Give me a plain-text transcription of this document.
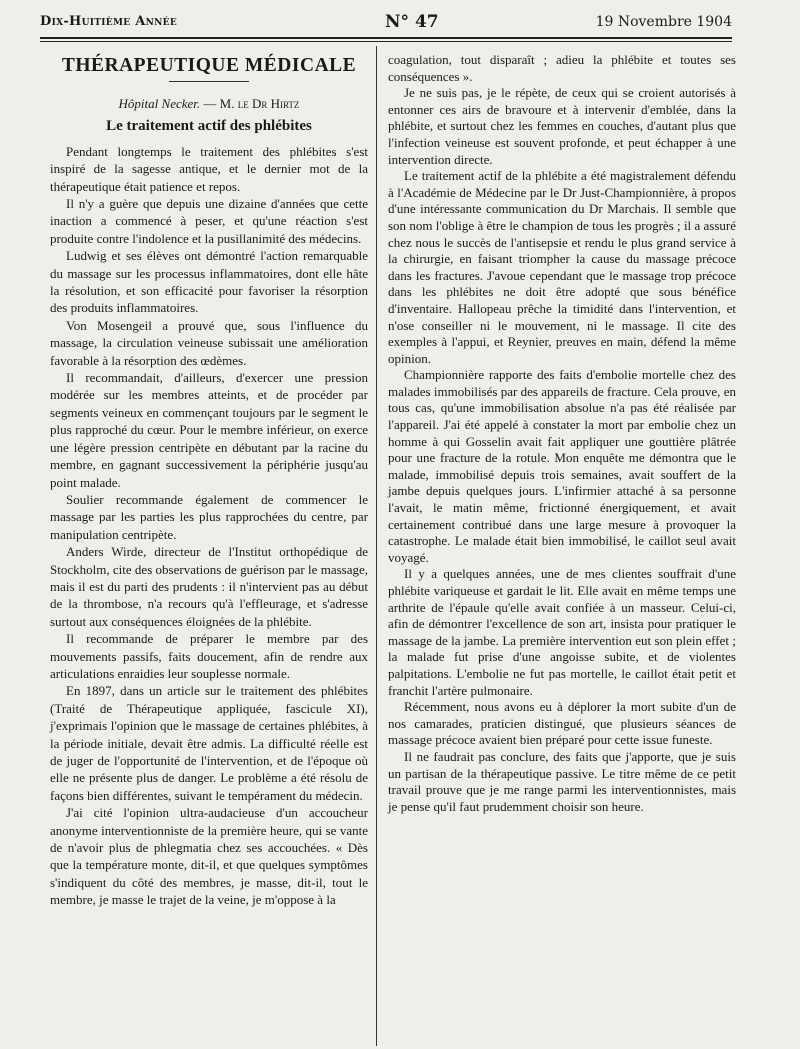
Dix-Huitième Année	N° 47	19 Novembre 1904
THÉRAPEUTIQUE MÉDICALE
Hôpital Necker. — M. le Dr Hirtz
Le traitement actif des phlébites

Pendant longtemps le traitement des phlébites s'est inspiré de la sagesse antique, et le dernier mot de la thérapeutique était patience et repos.

Il n'y a guère que depuis une dizaine d'années que cette inaction a commencé à peser, et qu'une réaction s'est produite contre l'indolence et la pusillanimité des médecins.

Ludwig et ses élèves ont démontré l'action remarquable du massage sur les processus inflammatoires, dont elle hâte la résolution, et son efficacité pour favoriser la résorption des produits inflammatoires.

Von Mosengeil a prouvé que, sous l'influence du massage, la circulation veineuse subissait une amélioration favorable à la résorption des œdèmes.

Il recommandait, d'ailleurs, d'exercer une pression modérée sur les membres atteints, et de procéder par segments veineux en commençant toujours par le segment le plus rapproché du cœur. Pour le membre inférieur, on exerce une légère pression centripète en débutant par la racine du membre, en gagnant successivement la périphérie jusqu'au point malade.

Soulier recommande également de commencer le massage par les parties les plus rapprochées du centre, par manipulation centripète.

Anders Wirde, directeur de l'Institut orthopédique de Stockholm, cite des observations de guérison par le massage, mais il est du parti des prudents : il n'intervient pas au début de la thrombose, n'a recours qu'à l'effleurage, et s'adresse surtout aux conséquences éloignées de la phlébite.

Il recommande de préparer le membre par des mouvements passifs, faits doucement, afin de rendre aux articulations enraidies leur souplesse normale.

En 1897, dans un article sur le traitement des phlébites (Traité de Thérapeutique appliquée, fascicule XI), j'exprimais l'opinion que le massage de certaines phlébites, à la période initiale, devait être admis. La difficulté réelle est de juger de l'opportunité de l'intervention, et de l'époque où elle ne présente plus de danger. Le problème a été résolu de façons bien différentes, suivant le tempérament du médecin.

J'ai cité l'opinion ultra-audacieuse d'un accoucheur anonyme interventionniste de la première heure, qui se vante de n'avoir plus de phlegmatia chez ses accouchées. « Dès que la température monte, dit-il, et que quelques symptômes s'indiquent du côté des membres, je masse, dit-il, tout le membre, je masse le trajet de la veine, je m'oppose à la

coagulation, tout disparaît ; adieu la phlébite et toutes ses conséquences ».

Je ne suis pas, je le répète, de ceux qui se croient autorisés à entonner ces airs de bravoure et à intervenir d'emblée, dans la phlébite, et surtout chez les femmes en couches, d'autant plus que l'infection veineuse est souvent profonde, et peut échapper à une intervention directe.

Le traitement actif de la phlébite a été magistralement défendu à l'Académie de Médecine par le Dr Just-Championnière, à propos d'une intéressante communication du Dr Marchais. Il semble que son nom l'oblige à être le champion de tous les progrès ; il a assuré chez nous le succès de l'antisepsie et rendu le plus grand service à la chirurgie, en faisant triompher la cause du massage précoce dans les fractures. J'avoue cependant que le massage trop précoce dans les phlébites ne doit être adopté que sous bénéfice d'inventaire. Hallopeau prêche la timidité dans l'intervention, et n'ose conseiller ni le mouvement, ni le massage. Il cite des exemples à l'appui, et Reynier, preuves en main, défend la même opinion.

Championnière rapporte des faits d'embolie mortelle chez des malades immobilisés par des appareils de fracture. Cela prouve, en tous cas, qu'une immobilisation absolue n'a pas été réalisée par l'appareil. J'ai été appelé à constater la mort par embolie chez un homme à qui Gosselin avait fait appliquer une gouttière plâtrée pour une fracture de la rotule. Mon enquête me démontra que le malade, immobilisé depuis trois semaines, avait souffert de la jambe depuis quelques jours. L'infirmier attaché à sa personne l'avait, le matin même, frictionné énergiquement, et avait certainement contribué dans une large mesure à provoquer la catastrophe. Le malade était bien immobilisé, le caillot seul avait voyagé.

Il y a quelques années, une de mes clientes souffrait d'une phlébite variqueuse et gardait le lit. Elle avait en même temps une arthrite de l'épaule qu'elle avait confiée à un masseur. Celui-ci, afin de démontrer l'excellence de son art, insista pour pratiquer le massage de la jambe. La première intervention eut son plein effet ; la malade fut prise d'une angoisse subite, et de violentes palpitations. L'embolie ne fut pas mortelle, le caillot était petit et franchit l'artère pulmonaire.

Récemment, nous avons eu à déplorer la mort subite d'un de nos camarades, praticien distingué, que plusieurs séances de massage précoce avaient bien préparé pour cette issue funeste.

Il ne faudrait pas conclure, des faits que j'apporte, que je suis un partisan de la thérapeutique passive. Le titre même de ce petit travail prouve que je me range parmi les interventionnistes, mais je pense qu'il faut prudemment choisir son heure.
